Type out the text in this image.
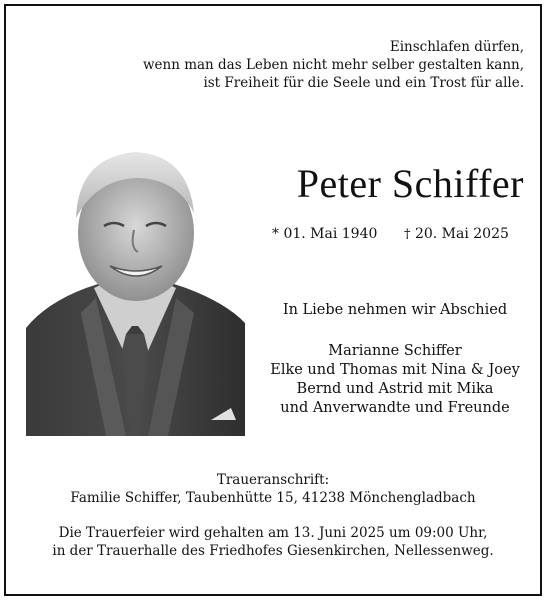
Einschlafen dürfen,
wenn man das Leben nicht mehr selber gestalten kann,
ist Freiheit für die Seele und ein Trost für alle.
Peter Schiffer
* 01. Mai 1940 † 20. Mai 2025
In Liebe nehmen wir Abschied
Marianne Schiffer
Elke und Thomas mit Nina & Joey
Bernd und Astrid mit Mika
und Anverwandte und Freunde
Traueranschrift:
Familie Schiffer, Taubenhütte 15, 41238 Mönchengladbach
Die Trauerfeier wird gehalten am 13. Juni 2025 um 09:00 Uhr,
in der Trauerhalle des Friedhofes Giesenkirchen, Nellessenweg.
